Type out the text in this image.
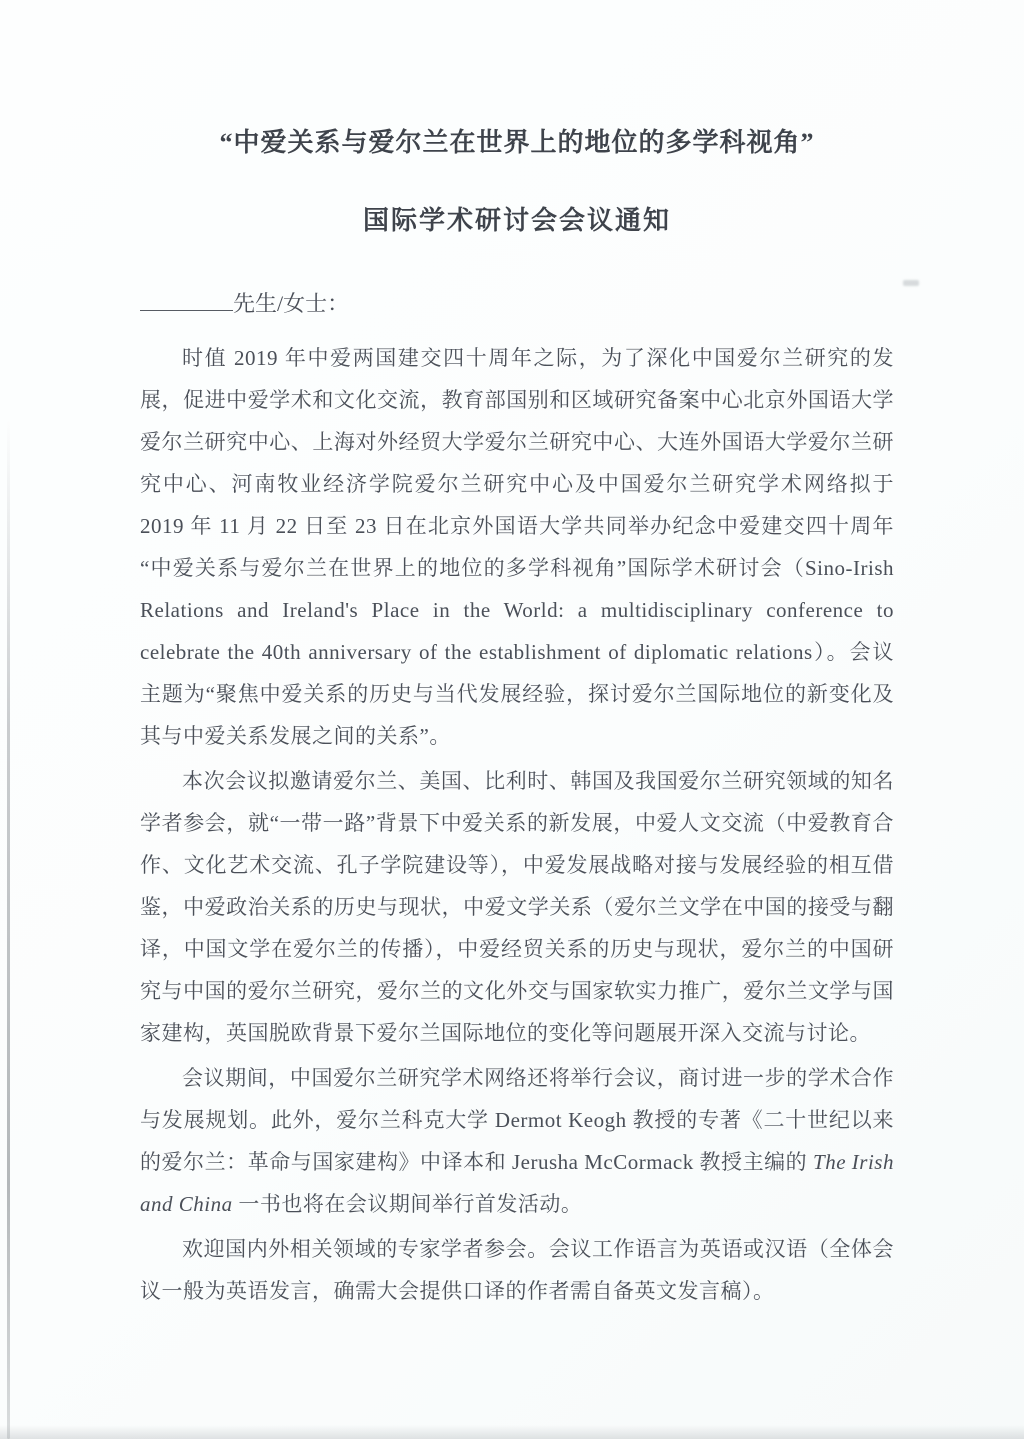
“中爱关系与爱尔兰在世界上的地位的多学科视角”
国际学术研讨会会议通知
先生/女士：

时值 2019 年中爱两国建交四十周年之际，为了深化中国爱尔兰研究的发展，促进中爱学术和文化交流，教育部国别和区域研究备案中心北京外国语大学爱尔兰研究中心、上海对外经贸大学爱尔兰研究中心、大连外国语大学爱尔兰研究中心、河南牧业经济学院爱尔兰研究中心及中国爱尔兰研究学术网络拟于 2019 年 11 月 22 日至 23 日在北京外国语大学共同举办纪念中爱建交四十周年“中爱关系与爱尔兰在世界上的地位的多学科视角”国际学术研讨会（Sino-Irish Relations and Ireland's Place in the World: a multidisciplinary conference to celebrate the 40th anniversary of the establishment of diplomatic relations）。会议主题为“聚焦中爱关系的历史与当代发展经验，探讨爱尔兰国际地位的新变化及其与中爱关系发展之间的关系”。

本次会议拟邀请爱尔兰、美国、比利时、韩国及我国爱尔兰研究领域的知名学者参会，就“一带一路”背景下中爱关系的新发展，中爱人文交流（中爱教育合作、文化艺术交流、孔子学院建设等），中爱发展战略对接与发展经验的相互借鉴，中爱政治关系的历史与现状，中爱文学关系（爱尔兰文学在中国的接受与翻译，中国文学在爱尔兰的传播），中爱经贸关系的历史与现状，爱尔兰的中国研究与中国的爱尔兰研究，爱尔兰的文化外交与国家软实力推广，爱尔兰文学与国家建构，英国脱欧背景下爱尔兰国际地位的变化等问题展开深入交流与讨论。

会议期间，中国爱尔兰研究学术网络还将举行会议，商讨进一步的学术合作与发展规划。此外，爱尔兰科克大学 Dermot Keogh 教授的专著《二十世纪以来的爱尔兰：革命与国家建构》中译本和 Jerusha McCormack 教授主编的 The Irish and China 一书也将在会议期间举行首发活动。

欢迎国内外相关领域的专家学者参会。会议工作语言为英语或汉语（全体会议一般为英语发言，确需大会提供口译的作者需自备英文发言稿）。
